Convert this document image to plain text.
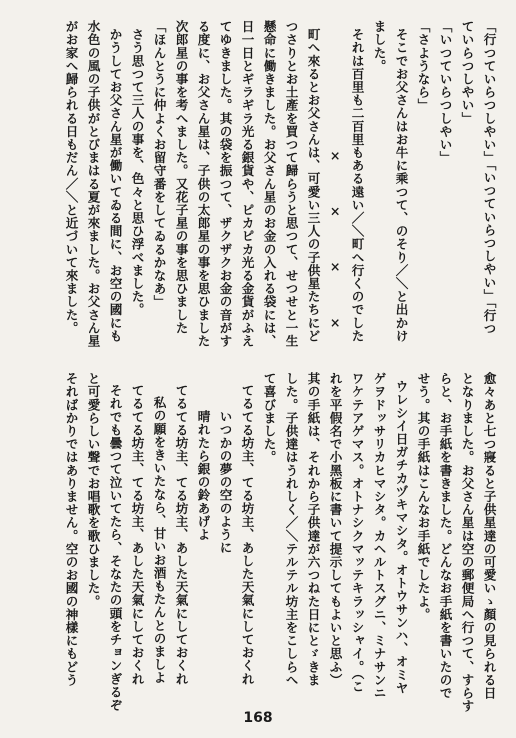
「行つていらつしやい」「いつていらつしやい」「行つ
ていらつしやい」
「いつていらつしやい」
「さようなら」
そこでお父さんはお牛に乘つて、のそり／＼と出かけ
ました。
それは百里も二百里もある遠い／＼町へ行くのでした
×　×　×　×
町へ來るとお父さんは、可愛い三人の子供星たちにど
つさりとお土產を買つて歸らうと思つて、せつせと一生
懸命に働きました。お父さん星のお金の入れる袋には、
日一日とギラギラ光る銀貨や、ピカピカ光る金貨がふえ
てゆきました。其の袋を振つて、ザクザクお金の音がす
る度に、お父さん星は、子供の太郎星の事を思ひました
次郎星の事を考へました。又花子星の事を思ひました
「ほんとうに仲よくお留守番をしてゐるかなあ」
さう思つて三人の事を、色々と思ひ浮べました。
かうしてお父さん星が働いてゐる間に、お空の國にも
水色の風の子供がとびまはる夏が來ました。お父さん星
がお家へ歸られる日もだん／＼と近づいて來ました。
愈々あと七つ寢ると子供星達の可愛いゝ顏の見られる日
となりました。お父さん星は空の郵便局へ行つて、すらす
らと、お手紙を書きました。どんなお手紙を書いたので
せう。其の手紙はこんなお手紙でしたよ。
ウレシイ日ガチカヅキマシタ。オトウサンハ、オミヤ
ゲヲドッサリカヒマシタ。カヘルトスグニ、ミナサンニ
ワケテアゲマス。オトナシクマッテキラッシャイ。（こ
れを平假名で小黑板に書いて提示してもよいと思ふ）
其の手紙は、それから子供達が六つねた日にとゞきま
した。子供達はうれしく／＼テルテル坊主をこしらへ
て喜びました。
てるてる坊主、てる坊主、あした天氣にしておくれ
いつかの夢の空のように
晴れたら銀の鈴あげよ
てるてる坊主、てる坊主、あした天氣にしておくれ
私の願をきいたなら、甘いお酒もたんとのましよ
てるてる坊主、てる坊主、あした天氣にしておくれ
それでも曇つて泣いてたら、そなたの頭をチョンぎるぞ
と可愛らしい聲でお唱歌を歌ひました。
そればかりではありません。空のお國の神樣にもどう
168
